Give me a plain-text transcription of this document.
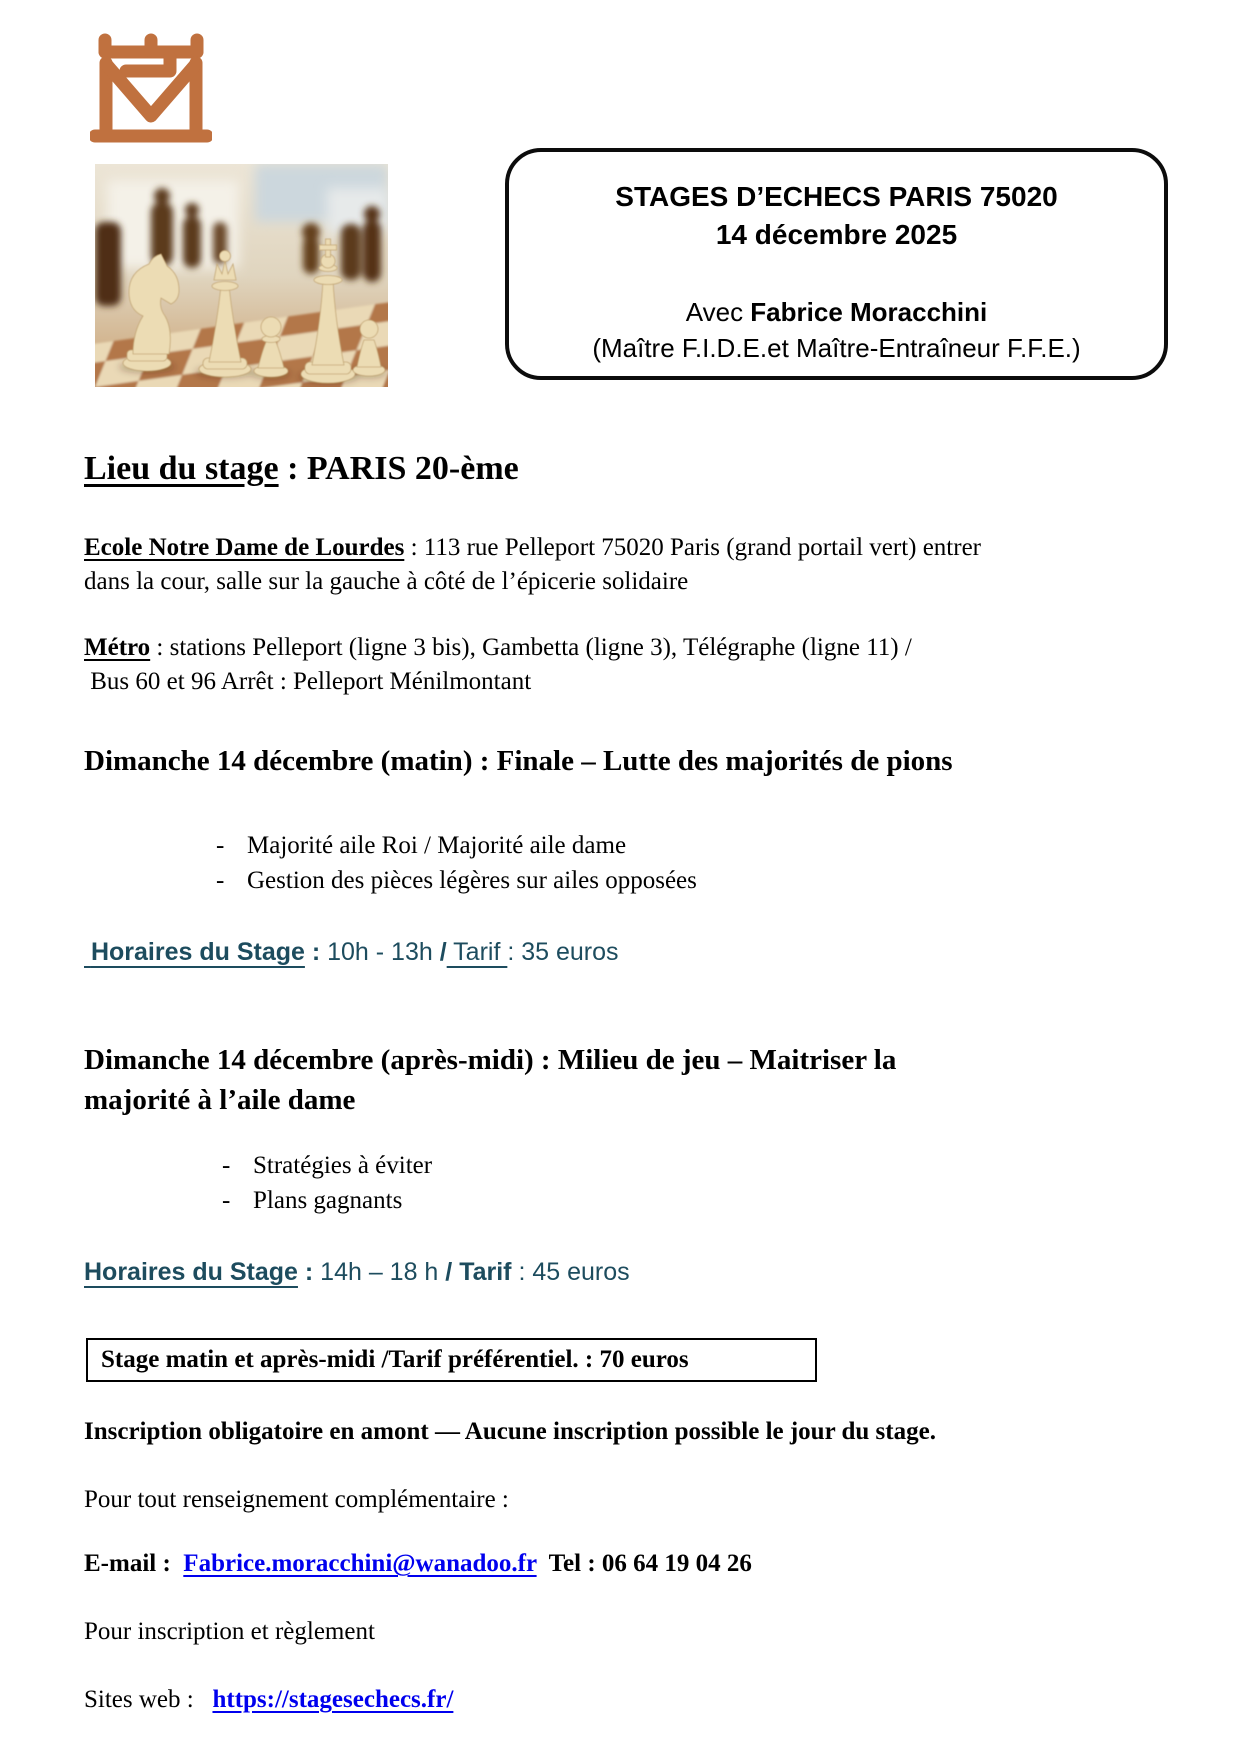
STAGES D’ECHECS PARIS 75020
14 décembre 2025
Avec Fabrice Moracchini
(Maître F.I.D.E.et Maître-Entraîneur F.F.E.)
Lieu du stage : PARIS 20-ème
Ecole Notre Dame de Lourdes : 113 rue Pelleport 75020 Paris (grand portail vert) entrer
dans la cour, salle sur la gauche à côté de l’épicerie solidaire
Métro : stations Pelleport (ligne 3 bis), Gambetta (ligne 3), Télégraphe (ligne 11) /
Bus 60 et 96 Arrêt : Pelleport Ménilmontant
Dimanche 14 décembre (matin) : Finale – Lutte des majorités de pions
- Majorité aile Roi / Majorité aile dame
- Gestion des pièces légères sur ailes opposées
Horaires du Stage : 10h - 13h / Tarif : 35 euros
Dimanche 14 décembre (après-midi) : Milieu de jeu – Maitriser la
majorité à l’aile dame
- Stratégies à éviter
- Plans gagnants
Horaires du Stage : 14h – 18 h / Tarif : 45 euros
Stage matin et après-midi /Tarif préférentiel. : 70 euros
Inscription obligatoire en amont — Aucune inscription possible le jour du stage.
Pour tout renseignement complémentaire :
E-mail :  Fabrice.moracchini@wanadoo.fr  Tel : 06 64 19 04 26
Pour inscription et règlement
Sites web :   https://stagesechecs.fr/
